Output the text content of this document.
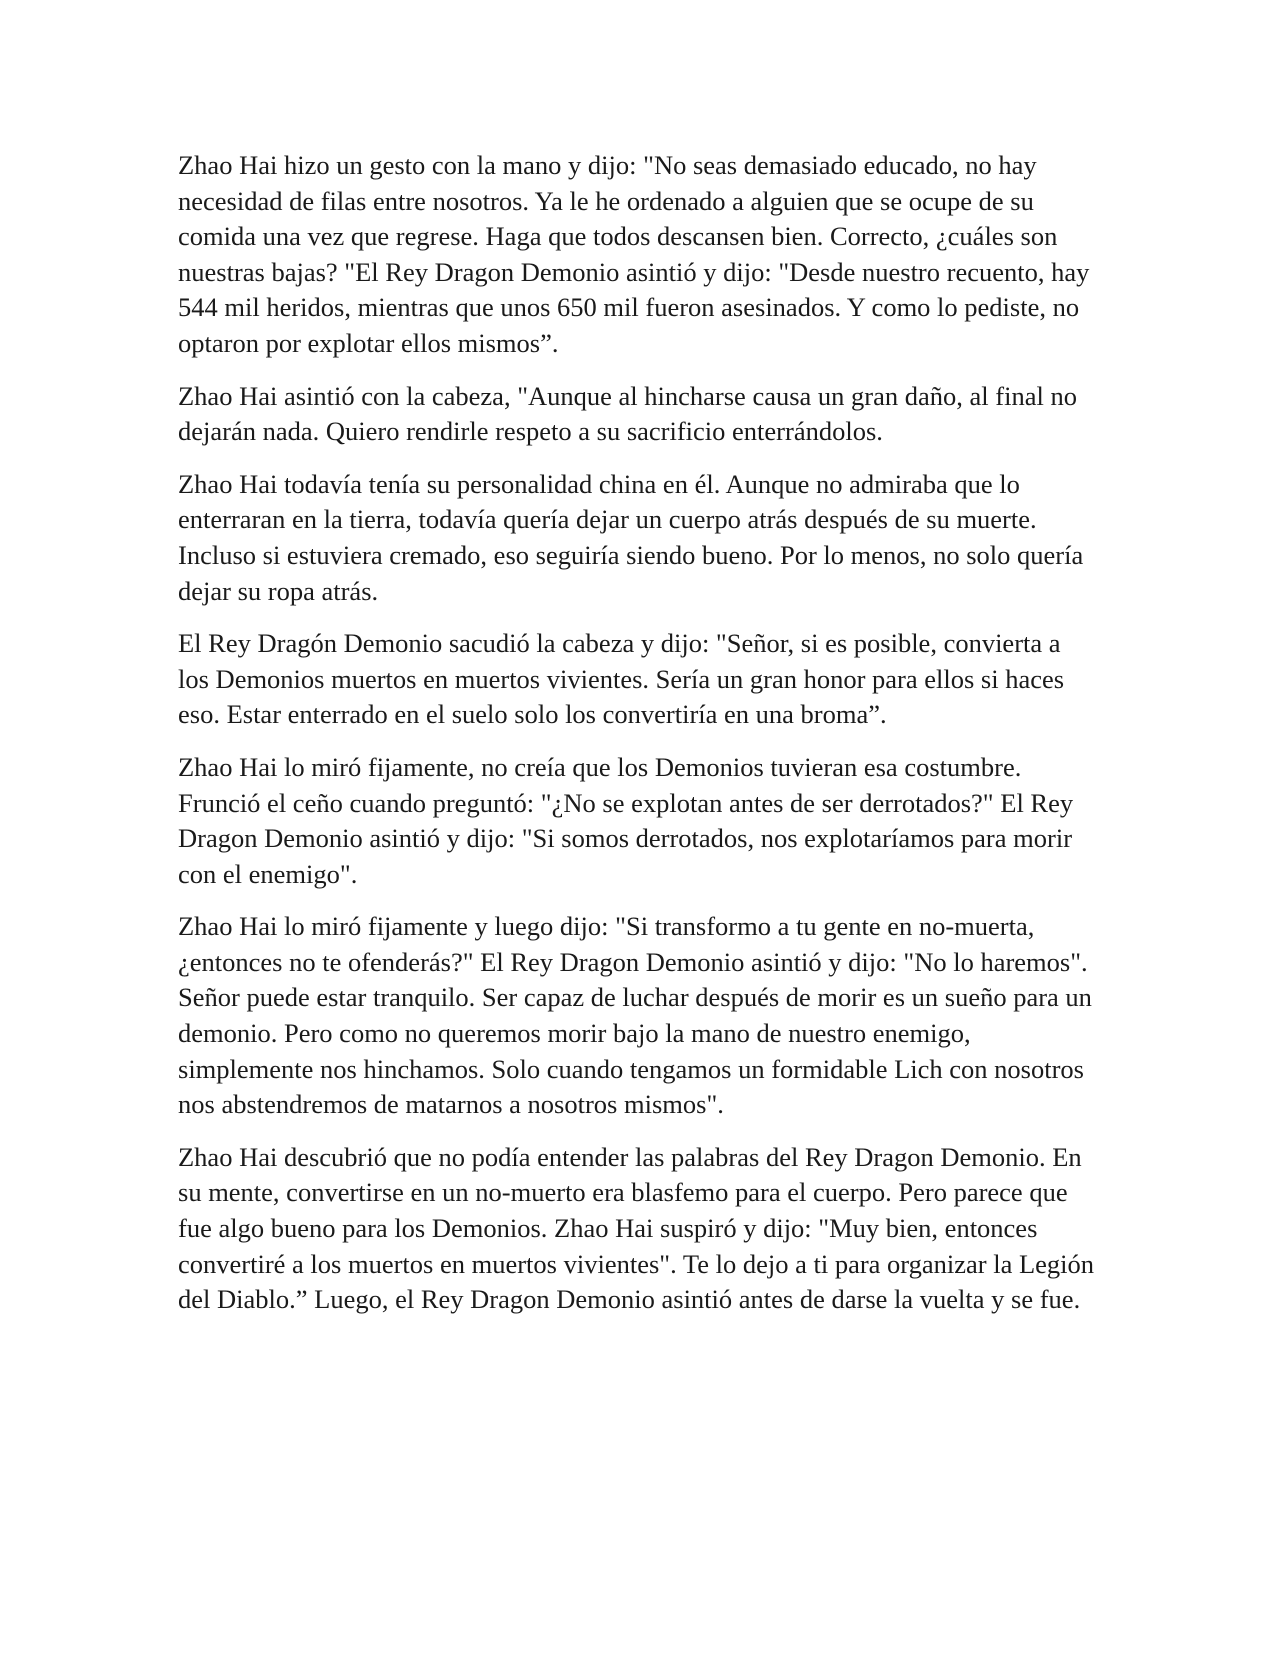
Zhao Hai hizo un gesto con la mano y dijo: "No seas demasiado educado, no hay necesidad de filas entre nosotros. Ya le he ordenado a alguien que se ocupe de su comida una vez que regrese. Haga que todos descansen bien. Correcto, ¿cuáles son nuestras bajas? "El Rey Dragon Demonio asintió y dijo: "Desde nuestro recuento, hay 544 mil heridos, mientras que unos 650 mil fueron asesinados. Y como lo pediste, no optaron por explotar ellos mismos”.

Zhao Hai asintió con la cabeza, "Aunque al hincharse causa un gran daño, al final no dejarán nada. Quiero rendirle respeto a su sacrificio enterrándolos.

Zhao Hai todavía tenía su personalidad china en él. Aunque no admiraba que lo enterraran en la tierra, todavía quería dejar un cuerpo atrás después de su muerte. Incluso si estuviera cremado, eso seguiría siendo bueno. Por lo menos, no solo quería dejar su ropa atrás.

El Rey Dragón Demonio sacudió la cabeza y dijo: "Señor, si es posible, convierta a los Demonios muertos en muertos vivientes. Sería un gran honor para ellos si haces eso. Estar enterrado en el suelo solo los convertiría en una broma”.

Zhao Hai lo miró fijamente, no creía que los Demonios tuvieran esa costumbre. Frunció el ceño cuando preguntó: "¿No se explotan antes de ser derrotados?" El Rey Dragon Demonio asintió y dijo: "Si somos derrotados, nos explotaríamos para morir con el enemigo".

Zhao Hai lo miró fijamente y luego dijo: "Si transformo a tu gente en no-muerta, ¿entonces no te ofenderás?" El Rey Dragon Demonio asintió y dijo: "No lo haremos". Señor puede estar tranquilo. Ser capaz de luchar después de morir es un sueño para un demonio. Pero como no queremos morir bajo la mano de nuestro enemigo, simplemente nos hinchamos. Solo cuando tengamos un formidable Lich con nosotros nos abstendremos de matarnos a nosotros mismos".

Zhao Hai descubrió que no podía entender las palabras del Rey Dragon Demonio. En su mente, convertirse en un no-muerto era blasfemo para el cuerpo. Pero parece que fue algo bueno para los Demonios. Zhao Hai suspiró y dijo: "Muy bien, entonces convertiré a los muertos en muertos vivientes". Te lo dejo a ti para organizar la Legión del Diablo.” Luego, el Rey Dragon Demonio asintió antes de darse la vuelta y se fue.
